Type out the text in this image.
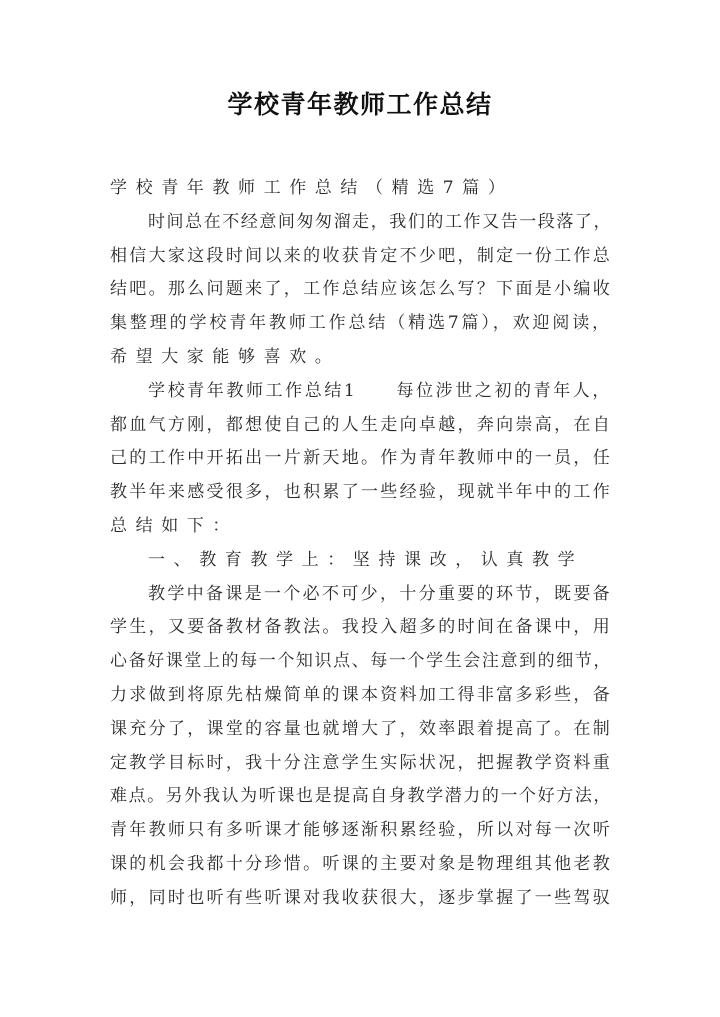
学校青年教师工作总结
学校青年教师工作总结（精选7篇）
时间总在不经意间匆匆溜走，我们的工作又告一段落了，
相信大家这段时间以来的收获肯定不少吧，制定一份工作总
结吧。那么问题来了，工作总结应该怎么写？下面是小编收
集整理的学校青年教师工作总结（精选7篇），欢迎阅读，
希望大家能够喜欢。
学校青年教师工作总结1　　每位涉世之初的青年人，
都血气方刚，都想使自己的人生走向卓越，奔向崇高，在自
己的工作中开拓出一片新天地。作为青年教师中的一员，任
教半年来感受很多，也积累了一些经验，现就半年中的工作
总结如下：
一、教育教学上：坚持课改，认真教学
教学中备课是一个必不可少，十分重要的环节，既要备
学生，又要备教材备教法。我投入超多的时间在备课中，用
心备好课堂上的每一个知识点、每一个学生会注意到的细节，
力求做到将原先枯燥简单的课本资料加工得非富多彩些，备
课充分了，课堂的容量也就增大了，效率跟着提高了。在制
定教学目标时，我十分注意学生实际状况，把握教学资料重
难点。另外我认为听课也是提高自身教学潜力的一个好方法，
青年教师只有多听课才能够逐渐积累经验，所以对每一次听
课的机会我都十分珍惜。听课的主要对象是物理组其他老教
师，同时也听有些听课对我收获很大，逐步掌握了一些驾驭
